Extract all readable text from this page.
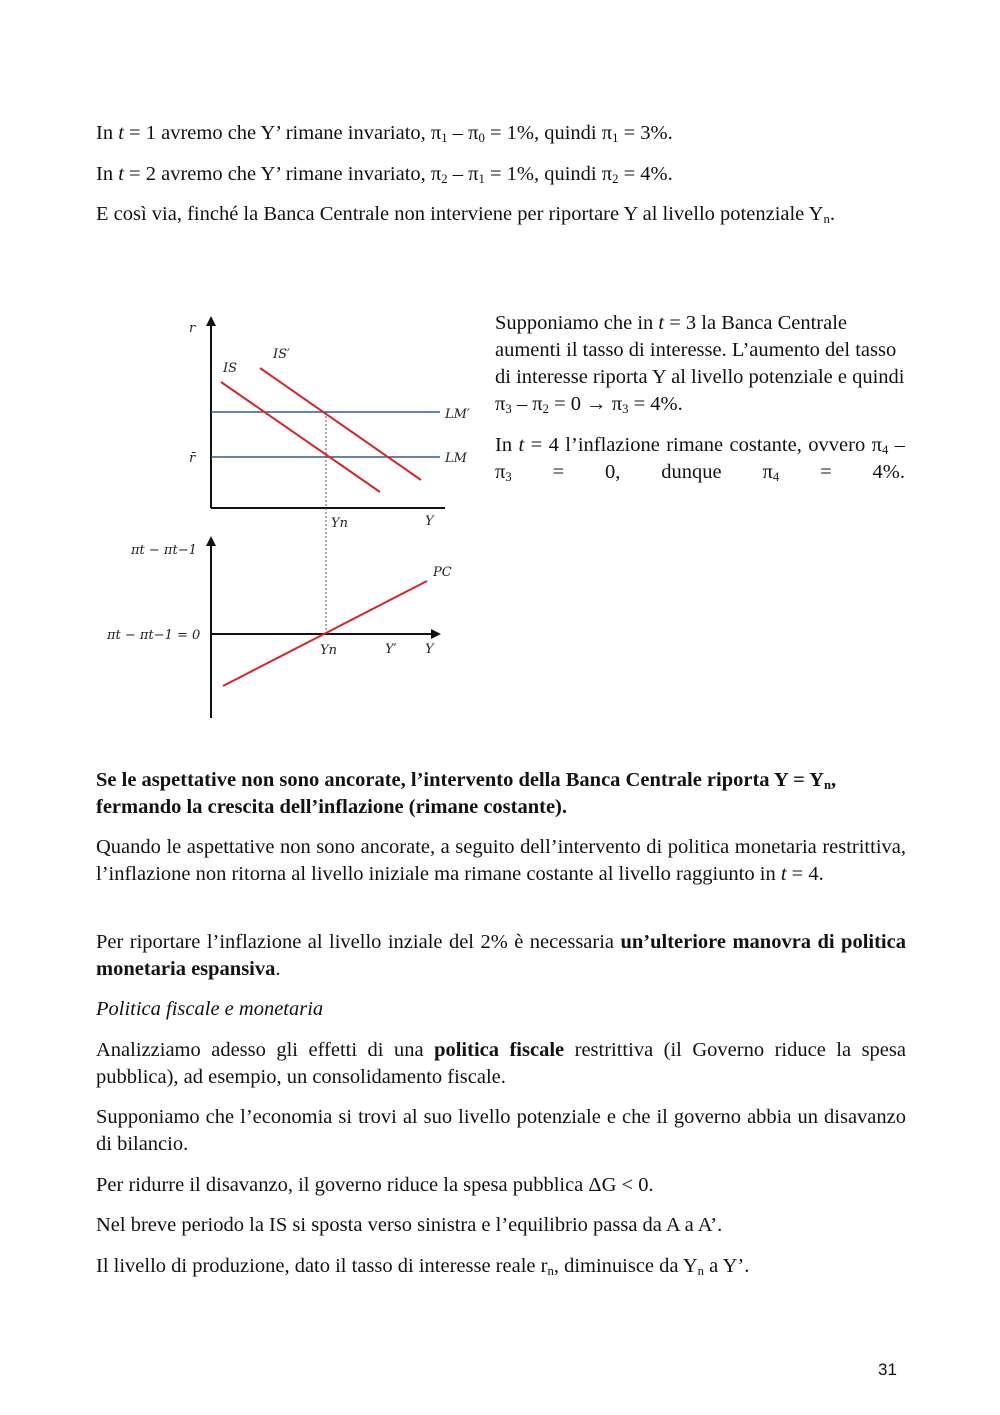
In t = 1 avremo che Y’ rimane invariato, $\pi_1 - \pi_0 = 1\%$, quindi $\pi_1 = 3\%$.

In t = 2 avremo che Y’ rimane invariato, $\pi_2 - \pi_1 = 1\%$, quindi $\pi_2 = 4\%$.

E così via, finché la Banca Centrale non interviene per riportare Y al livello potenziale $Y_n$.

r
LM′
LM
r̄
IS
IS′
Yn	Y
πt − πt−1
πt − πt−1 = 0
PC
Yn	Y′ Y

Supponiamo che in t = 3 la Banca Centrale aumenti il tasso di interesse. L’aumento del tasso di interesse riporta Y al livello potenziale e quindi $\pi_3 - \pi_2 = 0 \to \pi_3 = 4\%$.

In t = 4 l’inflazione rimane costante, ovvero $\pi_4 - \pi_3 = 0$, dunque $\pi_4 = 4\%$.

Se le aspettative non sono ancorate, l’intervento della Banca Centrale riporta $Y = Y_n$, fermando la crescita dell’inflazione (rimane costante).

Quando le aspettative non sono ancorate, a seguito dell’intervento di politica monetaria restrittiva, l’inflazione non ritorna al livello iniziale ma rimane costante al livello raggiunto in t = 4.

Per riportare l’inflazione al livello inziale del 2% è necessaria un’ulteriore manovra di politica monetaria espansiva.

Politica fiscale e monetaria

Analizziamo adesso gli effetti di una politica fiscale restrittiva (il Governo riduce la spesa pubblica), ad esempio, un consolidamento fiscale.

Supponiamo che l’economia si trovi al suo livello potenziale e che il governo abbia un disavanzo di bilancio.

Per ridurre il disavanzo, il governo riduce la spesa pubblica ΔG < 0.

Nel breve periodo la IS si sposta verso sinistra e l’equilibrio passa da A a A’.

Il livello di produzione, dato il tasso di interesse reale $r_n$, diminuisce da $Y_n$ a Y’.

31
